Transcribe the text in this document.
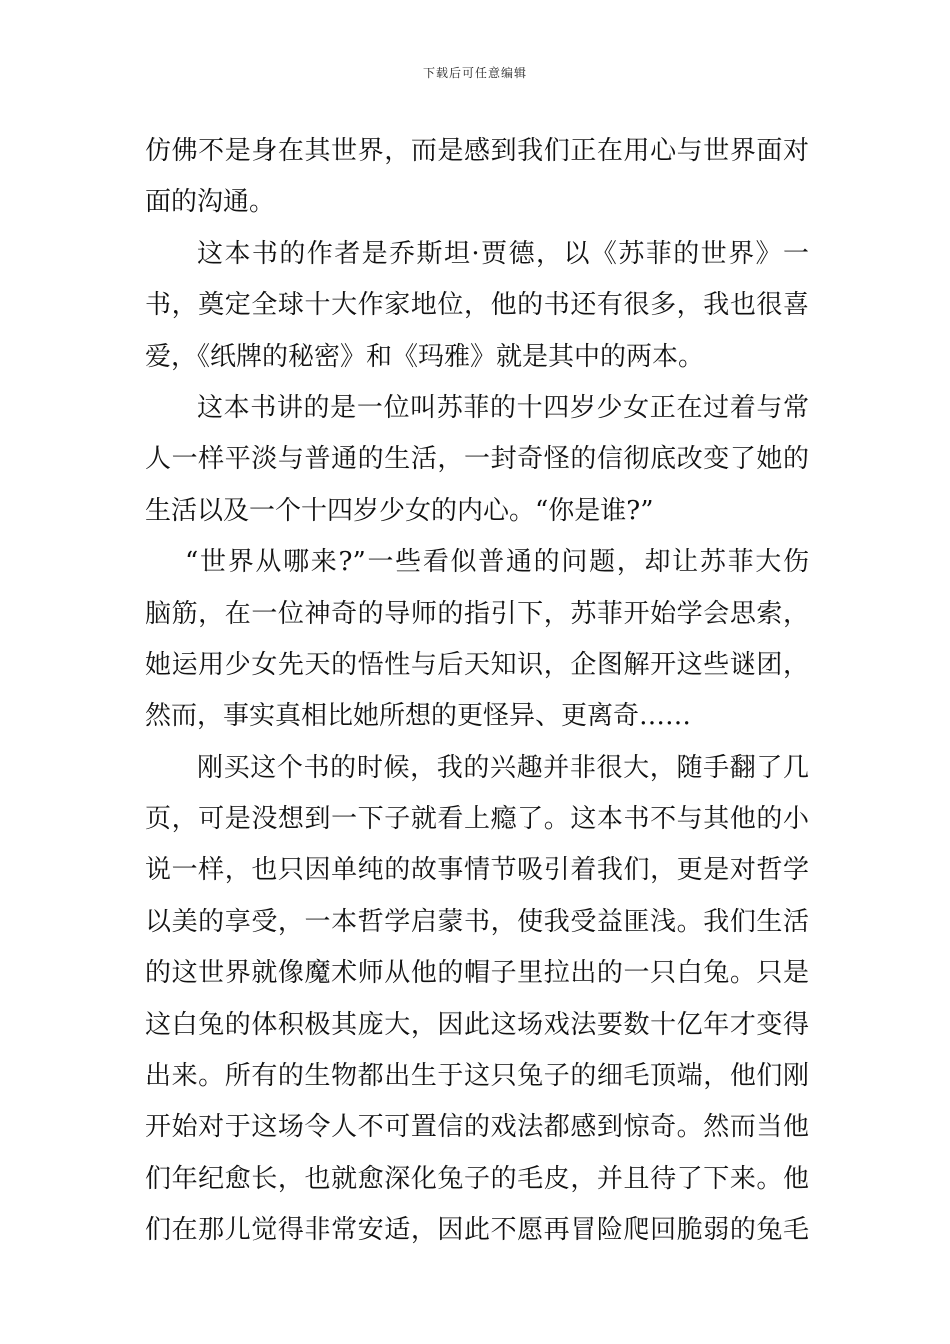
下载后可任意编辑
仿佛不是身在其世界，而是感到我们正在用心与世界面对
面的沟通。
这本书的作者是乔斯坦·贾德，以《苏菲的世界》一
书，奠定全球十大作家地位，他的书还有很多，我也很喜
爱，《纸牌的秘密》和《玛雅》就是其中的两本。
这本书讲的是一位叫苏菲的十四岁少女正在过着与常
人一样平淡与普通的生活，一封奇怪的信彻底改变了她的
生活以及一个十四岁少女的内心。“你是谁?”
“世界从哪来?”一些看似普通的问题，却让苏菲大伤
脑筋，在一位神奇的导师的指引下，苏菲开始学会思索，
她运用少女先天的悟性与后天知识，企图解开这些谜团，
然而，事实真相比她所想的更怪异、更离奇……
刚买这个书的时候，我的兴趣并非很大，随手翻了几
页，可是没想到一下子就看上瘾了。这本书不与其他的小
说一样，也只因单纯的故事情节吸引着我们，更是对哲学
以美的享受，一本哲学启蒙书，使我受益匪浅。我们生活
的这世界就像魔术师从他的帽子里拉出的一只白兔。只是
这白兔的体积极其庞大，因此这场戏法要数十亿年才变得
出来。所有的生物都出生于这只兔子的细毛顶端，他们刚
开始对于这场令人不可置信的戏法都感到惊奇。然而当他
们年纪愈长，也就愈深化兔子的毛皮，并且待了下来。他
们在那儿觉得非常安适，因此不愿再冒险爬回脆弱的兔毛
